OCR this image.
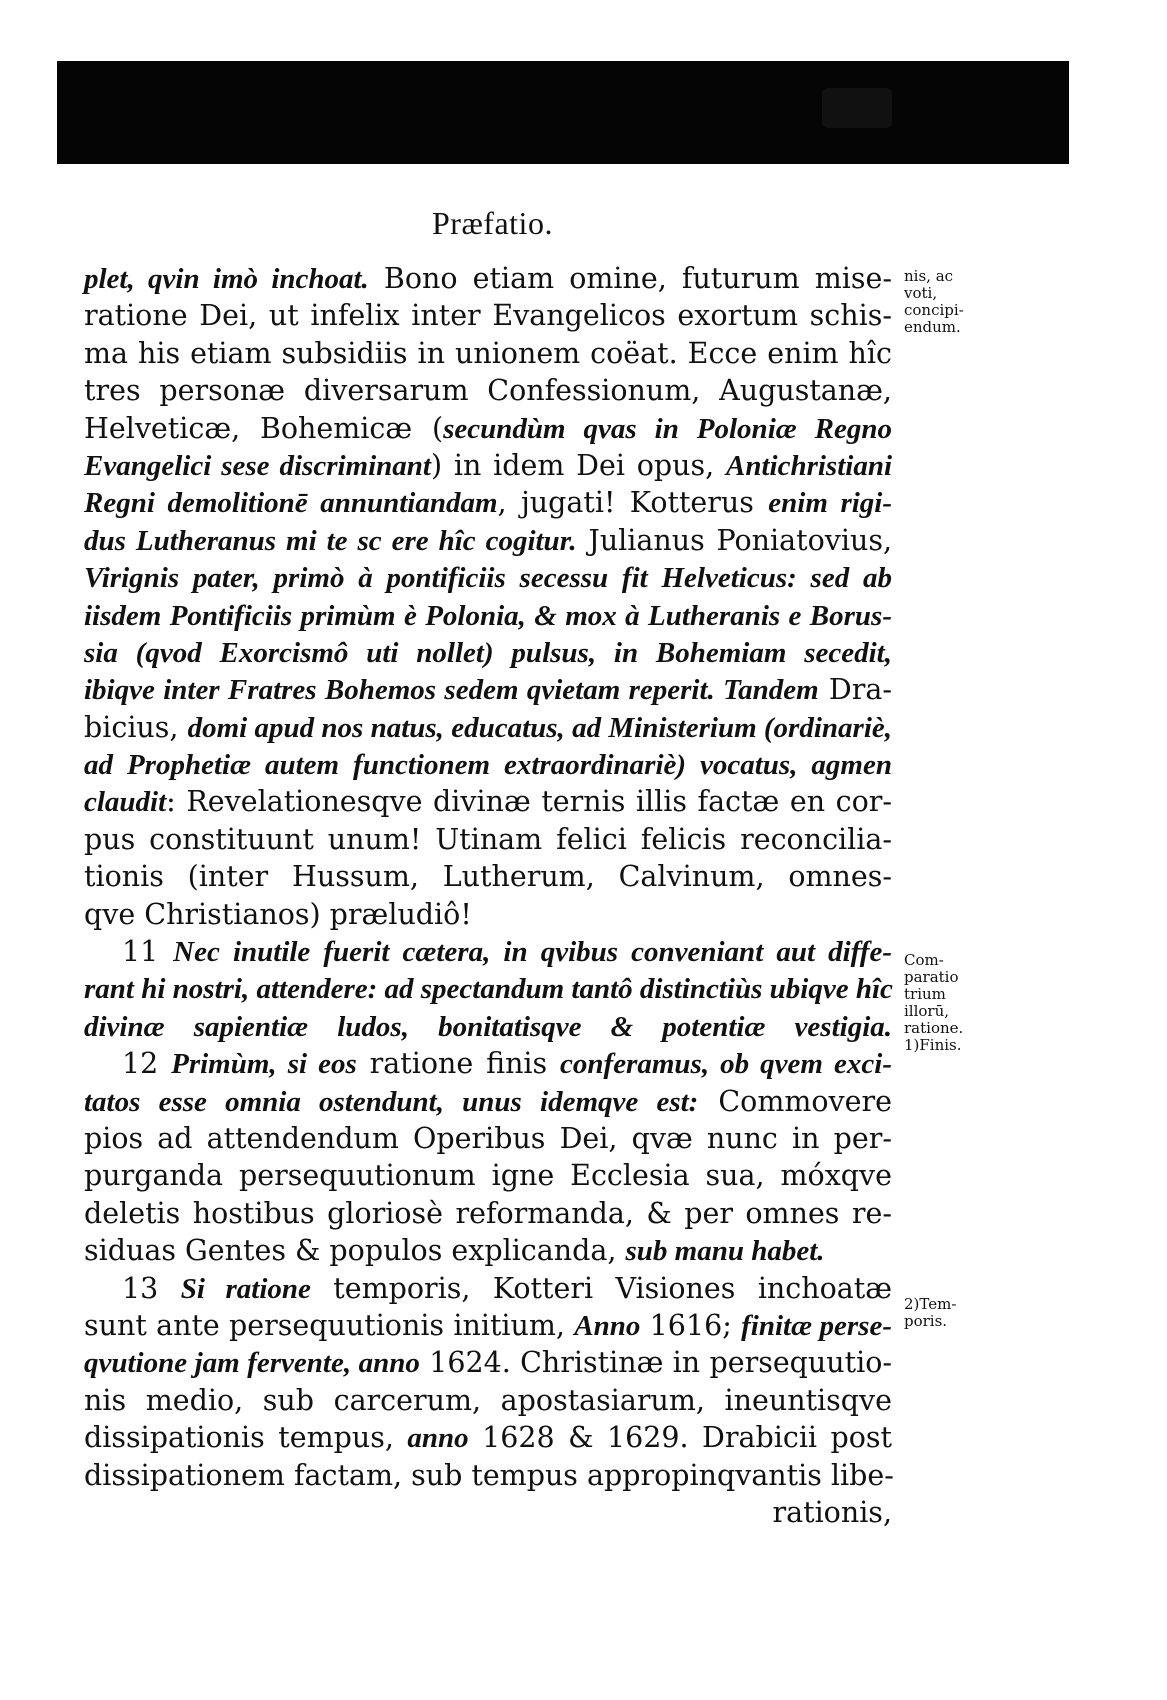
Præfatio.
plet, qvin imò inchoat. Bono etiam omine, futurum mise-
ratione Dei, ut infelix inter Evangelicos exortum schis-
ma his etiam subsidiis in unionem coëat. Ecce enim hîc
tres personæ diversarum Confessionum, Augustanæ,
Helveticæ, Bohemicæ (secundùm qvas in Poloniæ Regno
Evangelici sese discriminant) in idem Dei opus, Antichristiani
Regni demolitionē annuntiandam, jugati! Kotterus enim rigi-
dus Lutheranus mi te sc ere hîc cogitur. Julianus Poniatovius,
Virignis pater, primò à pontificiis secessu fit Helveticus: sed ab
iisdem Pontificiis primùm è Polonia, & mox à Lutheranis e Borus-
sia (qvod Exorcismô uti nollet) pulsus, in Bohemiam secedit,
ibiqve inter Fratres Bohemos sedem qvietam reperit. Tandem Dra-
bicius, domi apud nos natus, educatus, ad Ministerium (ordinariè,
ad Prophetiæ autem functionem extraordinariè) vocatus, agmen
claudit: Revelationesqve divinæ ternis illis factæ en cor-
pus constituunt unum! Utinam felici felicis reconcilia-
tionis (inter Hussum, Lutherum, Calvinum, omnes-
qve Christianos) præludiô!
11 Nec inutile fuerit cætera, in qvibus conveniant aut diffe-
rant hi nostri, attendere: ad spectandum tantô distinctiùs ubiqve hîc
divinæ sapientiæ ludos, bonitatisqve & potentiæ vestigia.
12 Primùm, si eos ratione finis conferamus, ob qvem exci-
tatos esse omnia ostendunt, unus idemqve est: Commovere
pios ad attendendum Operibus Dei, qvæ nunc in per-
purganda persequutionum igne Ecclesia sua, móxqve
deletis hostibus gloriosè reformanda, & per omnes re-
siduas Gentes & populos explicanda, sub manu habet.
13 Si ratione temporis, Kotteri Visiones inchoatæ
sunt ante persequutionis initium, Anno 1616; finitæ perse-
qvutione jam fervente, anno 1624. Christinæ in persequutio-
nis medio, sub carcerum, apostasiarum, ineuntisqve
dissipationis tempus, anno 1628 & 1629. Drabicii post
dissipationem factam, sub tempus appropinqvantis libe-
rationis,
nis, ac
voti,
concipi-
endum.
Com-
paratio
trium
illorū,
ratione.
1)Finis.
2)Tem-
poris.
